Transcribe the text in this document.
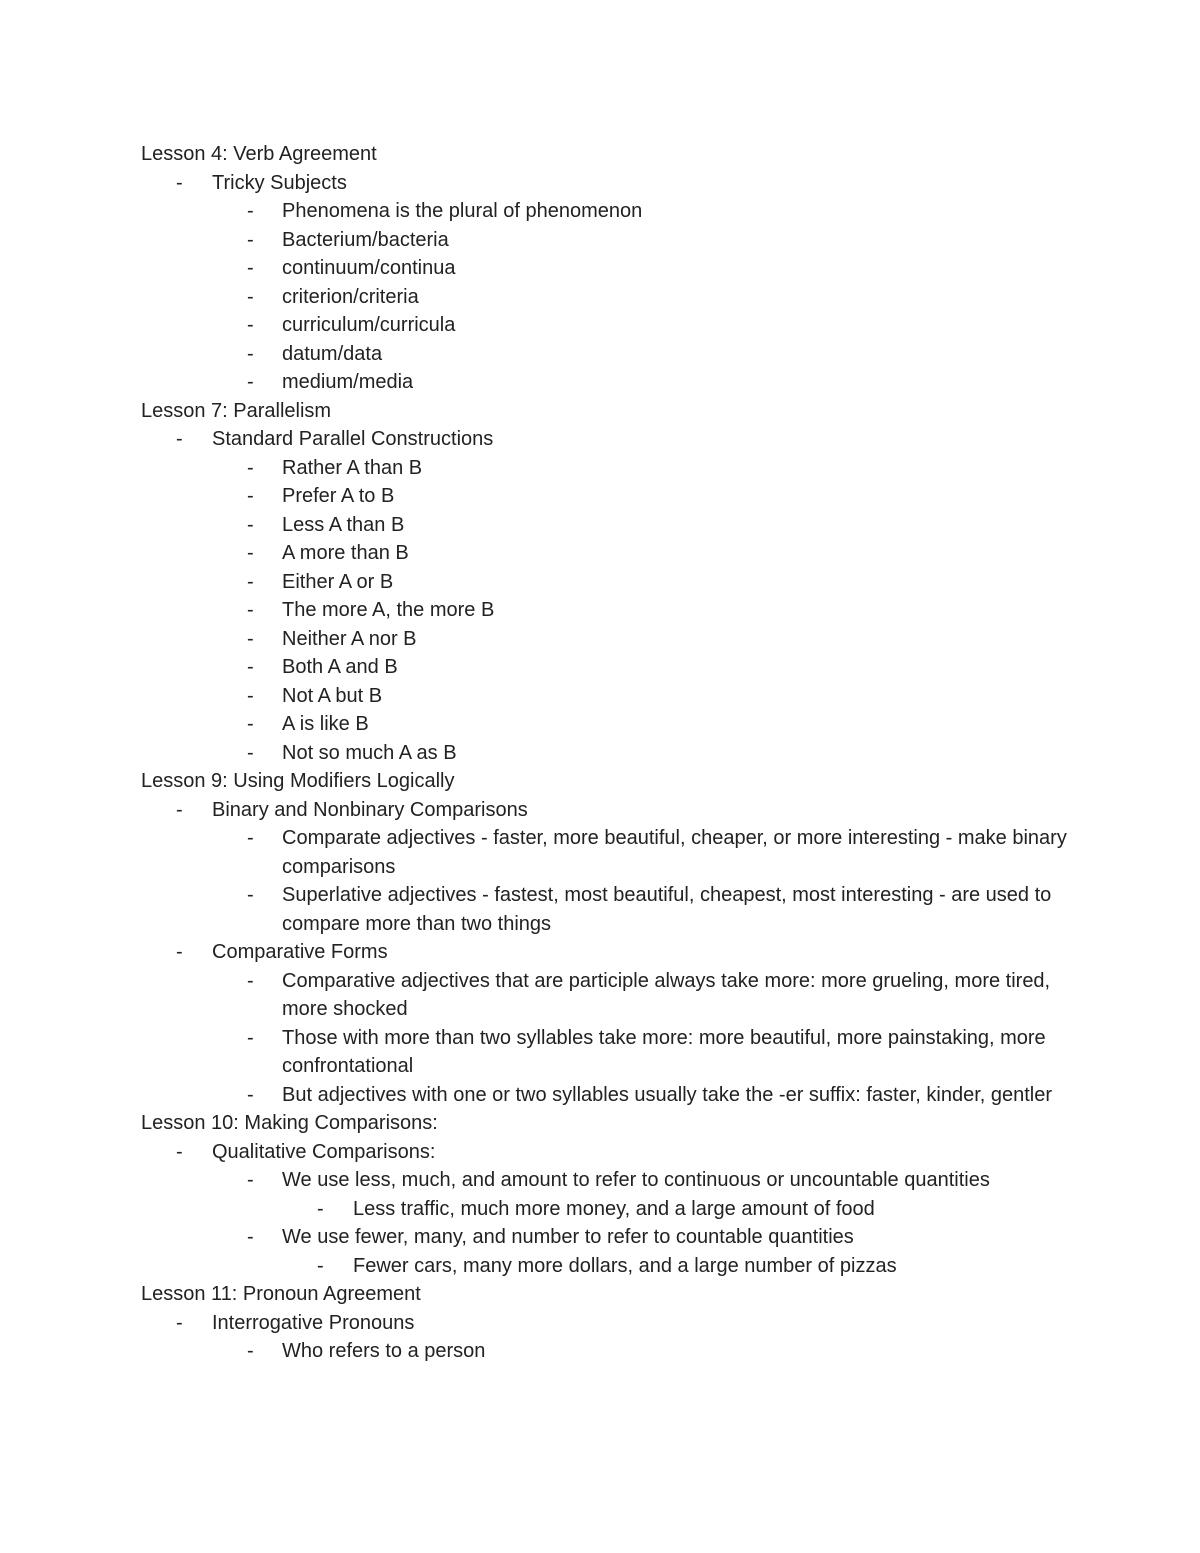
Lesson 4: Verb Agreement
- Tricky Subjects
- Phenomena is the plural of phenomenon
- Bacterium/bacteria
- continuum/continua
- criterion/criteria
- curriculum/curricula
- datum/data
- medium/media
Lesson 7: Parallelism
- Standard Parallel Constructions
- Rather A than B
- Prefer A to B
- Less A than B
- A more than B
- Either A or B
- The more A, the more B
- Neither A nor B
- Both A and B
- Not A but B
- A is like B
- Not so much A as B
Lesson 9: Using Modifiers Logically
- Binary and Nonbinary Comparisons
- Comparate adjectives - faster, more beautiful, cheaper, or more interesting - make binary comparisons
- Superlative adjectives - fastest, most beautiful, cheapest, most interesting - are used to compare more than two things
- Comparative Forms
- Comparative adjectives that are participle always take more: more grueling, more tired, more shocked
- Those with more than two syllables take more: more beautiful, more painstaking, more confrontational
- But adjectives with one or two syllables usually take the -er suffix: faster, kinder, gentler
Lesson 10: Making Comparisons:
- Qualitative Comparisons:
- We use less, much, and amount to refer to continuous or uncountable quantities
- Less traffic, much more money, and a large amount of food
- We use fewer, many, and number to refer to countable quantities
- Fewer cars, many more dollars, and a large number of pizzas
Lesson 11: Pronoun Agreement
- Interrogative Pronouns
- Who refers to a person
